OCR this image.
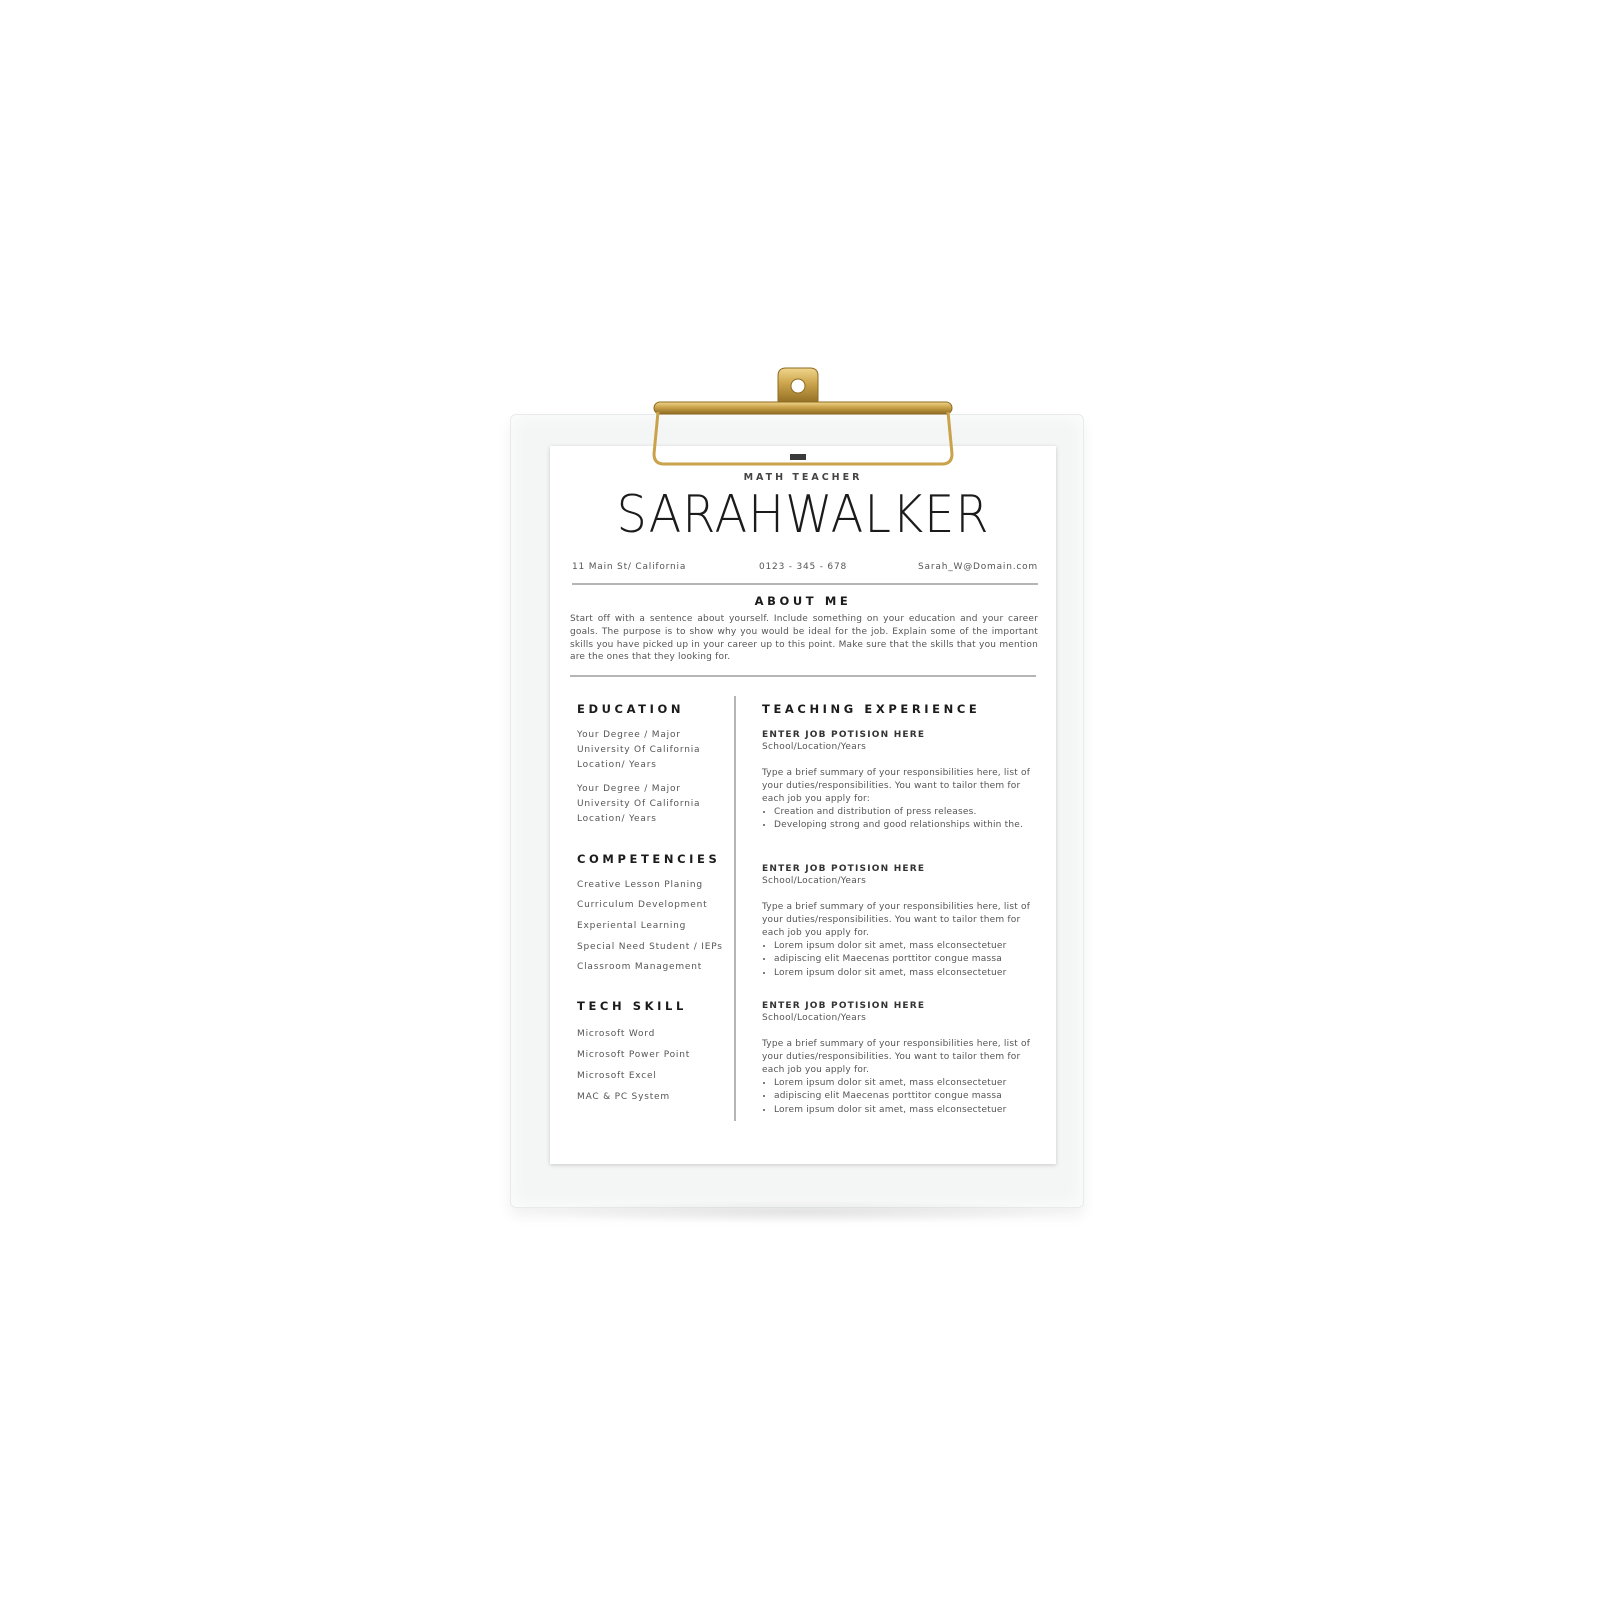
MATH TEACHER
SARAHWALKER
11 Main St/ California	0123 - 345 - 678	Sarah_W@Domain.com
ABOUT ME
Start off with a sentence about yourself. Include something on your education and your career goals. The purpose is to show why you would be ideal for the job. Explain some of the important skills you have picked up in your career up to this point. Make sure that the skills that you mention are the ones that they looking for.
EDUCATION
Your Degree / Major
University Of California
Location/ Years
Your Degree / Major
University Of California
Location/ Years
COMPETENCIES
Creative Lesson Planing
Curriculum Development
Experiental Learning
Special Need Student / IEPs
Classroom Management
TECH SKILL
Microsoft Word
Microsoft Power Point
Microsoft Excel
MAC & PC System
TEACHING EXPERIENCE
ENTER JOB POTISION HERE
School/Location/Years
Type a brief summary of your responsibilities here, list of your duties/responsibilities. You want to tailor them for each job you apply for:
• Creation and distribution of press releases.
• Developing strong and good relationships within the.
ENTER JOB POTISION HERE
School/Location/Years
Type a brief summary of your responsibilities here, list of your duties/responsibilities. You want to tailor them for each job you apply for.
• Lorem ipsum dolor sit amet, mass elconsectetuer
• adipiscing elit Maecenas porttitor congue massa
• Lorem ipsum dolor sit amet, mass elconsectetuer
ENTER JOB POTISION HERE
School/Location/Years
Type a brief summary of your responsibilities here, list of your duties/responsibilities. You want to tailor them for each job you apply for.
• Lorem ipsum dolor sit amet, mass elconsectetuer
• adipiscing elit Maecenas porttitor congue massa
• Lorem ipsum dolor sit amet, mass elconsectetuer
